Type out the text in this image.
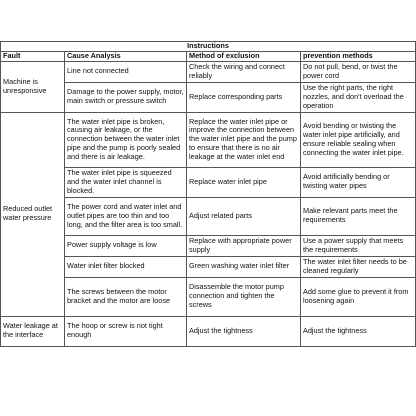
Instructions			
Fault	Cause Analysis	Method of exclusion	prevention methods
Machine is unresponsive	Line not connected	Check the wiring and connect reliably	Do not pull, bend, or twist the power cord
	Damage to the power supply, motor, main switch or pressure switch	Replace corresponding parts	Use the right parts, the right nozzles, and don't overload the operation
Reduced outlet water pressure	The water inlet pipe is broken, causing air leakage, or the connection between the water inlet pipe and the pump is poorly sealed and there is air leakage.	Replace the water inlet pipe or improve the connection between the water inlet pipe and the pump to ensure that there is no air leakage at the water inlet end	Avoid bending or twisting the water inlet pipe artificially, and ensure reliable sealing when connecting the water inlet pipe.
	The water inlet pipe is squeezed and the water inlet channel is blocked.	Replace water inlet pipe	Avoid artificially bending or twisting water pipes
	The power cord and water inlet and outlet pipes are too thin and too long, and the filter area is too small.	Adjust related parts	Make relevant parts meet the requirements
	Power supply voltage is low	Replace with appropriate power supply	Use a power supply that meets the requirements
	Water inlet filter blocked	Green washing water inlet filter	The water inlet filter needs to be cleaned regularly
	The screws between the motor bracket and the motor are loose	Disassemble the motor pump connection and tighten the screws	Add some glue to prevent it from loosening again
Water leakage at the interface	The hoop or screw is not tight enough	Adjust the tightness	Adjust the tightness
